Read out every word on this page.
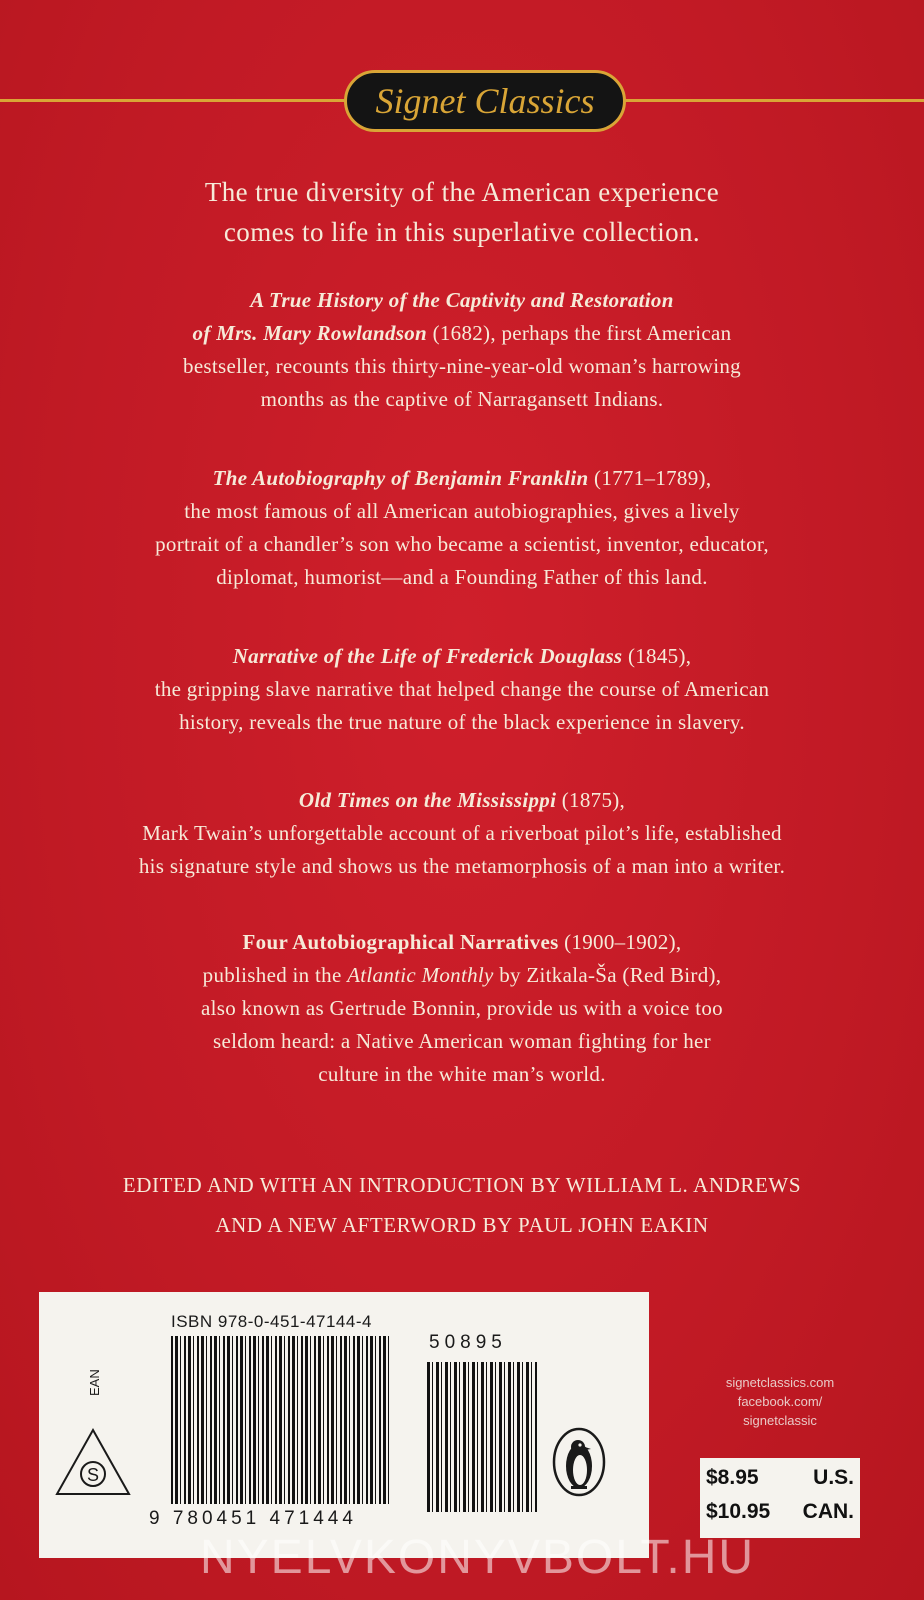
Signet Classics

The true diversity of the American experience

comes to life in this superlative collection.

A True History of the Captivity and Restoration

of Mrs. Mary Rowlandson (1682), perhaps the first American

bestseller, recounts this thirty-nine-year-old woman’s harrowing

months as the captive of Narragansett Indians.

The Autobiography of Benjamin Franklin (1771–1789),

the most famous of all American autobiographies, gives a lively

portrait of a chandler’s son who became a scientist, inventor, educator,

diplomat, humorist—and a Founding Father of this land.

Narrative of the Life of Frederick Douglass (1845),

the gripping slave narrative that helped change the course of American

history, reveals the true nature of the black experience in slavery.

Old Times on the Mississippi (1875),

Mark Twain’s unforgettable account of a riverboat pilot’s life, established

his signature style and shows us the metamorphosis of a man into a writer.

Four Autobiographical Narratives (1900–1902),

published in the Atlantic Monthly by Zitkala-Ša (Red Bird),

also known as Gertrude Bonnin, provide us with a voice too

seldom heard: a Native American woman fighting for her

culture in the white man’s world.

EDITED AND WITH AN INTRODUCTION BY WILLIAM L. ANDREWS

AND A NEW AFTERWORD BY PAUL JOHN EAKIN

ISBN 978-0-451-47144-4
50895
9 780451 471444
EAN
S

signetclassics.com

facebook.com/

signetclassic

$8.95	U.S.
$10.95 CAN.
NYELVKONYVBOLT.HU
